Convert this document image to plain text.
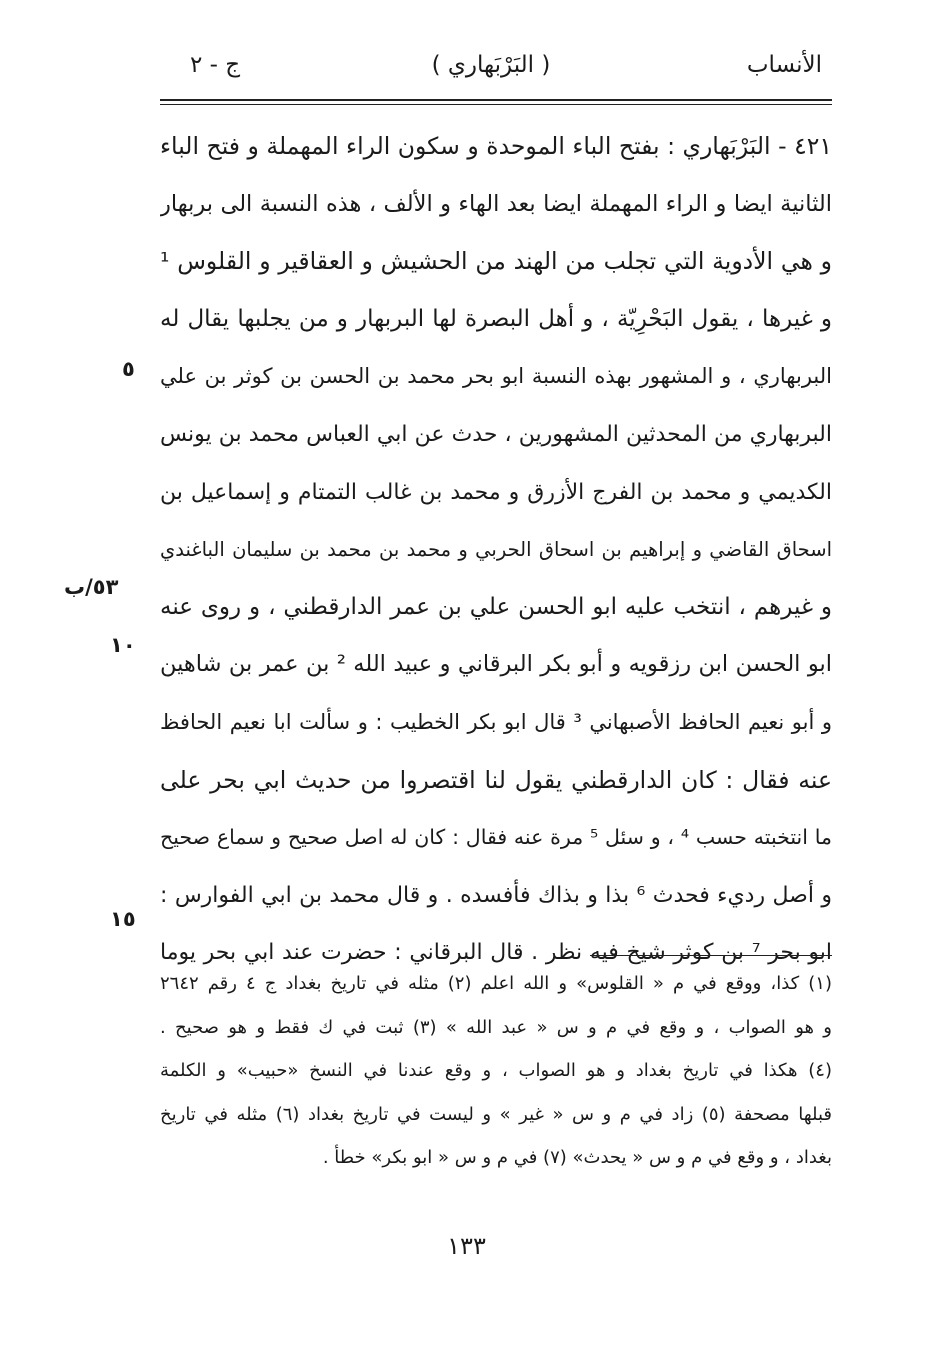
الأنساب
( البَرْبَهاري )
ج - ٢
٤٢١ - البَرْبَهاري : بفتح الباء الموحدة و سكون الراء المهملة و فتح الباء
الثانية ايضا و الراء المهملة ايضا بعد الهاء و الألف ، هذه النسبة الى بربهار
و هي الأدوية التي تجلب من الهند من الحشيش و العقاقير و القلوس ¹
و غيرها ، يقول البَحْرِيّة ، و أهل البصرة لها البربهار و من يجلبها يقال له
البربهاري ، و المشهور بهذه النسبة ابو بحر محمد بن الحسن بن كوثر بن علي
البربهاري من المحدثين المشهورين ، حدث عن ابي العباس محمد بن يونس
الكديمي و محمد بن الفرج الأزرق و محمد بن غالب التمتام و إسماعيل بن
اسحاق القاضي و إبراهيم بن اسحاق الحربي و محمد بن محمد بن سليمان الباغندي
و غيرهم ، انتخب عليه ابو الحسن علي بن عمر الدارقطني ، و روى عنه
ابو الحسن ابن رزقويه و أبو بكر البرقاني و عبيد الله ² بن عمر بن شاهين
و أبو نعيم الحافظ الأصبهاني ³ قال ابو بكر الخطيب : و سألت ابا نعيم الحافظ
عنه فقال : كان الدارقطني يقول لنا اقتصروا من حديث ابي بحر على
ما انتخبته حسب ⁴ ، و سئل ⁵ مرة عنه فقال : كان له اصل صحيح و سماع صحيح
و أصل رديء فحدث ⁶ بذا و بذاك فأفسده . و قال محمد بن ابي الفوارس :
ابو بحر ⁷ بن كوثر شيخ فيه نظر . قال البرقاني : حضرت عند ابي بحر يوما
٥
٥٣/ب
١٠
١٥
(١) كذا، ووقع في م « القلوس» و الله اعلم (٢) مثله في تاريخ بغداد ج ٤ رقم ٢٦٤٢
و هو الصواب ، و وقع في م و س « عبد الله » (٣) ثبت في ك فقط و هو صحيح .
(٤) هكذا في تاريخ بغداد و هو الصواب ، و وقع عندنا في النسخ «حبيب» و الكلمة
قبلها مصحفة (٥) زاد في م و س « غير » و ليست في تاريخ بغداد (٦) مثله في تاريخ
بغداد ، و وقع في م و س « يحدث» (٧) في م و س « ابو بكر» خطأ .
١٣٣
